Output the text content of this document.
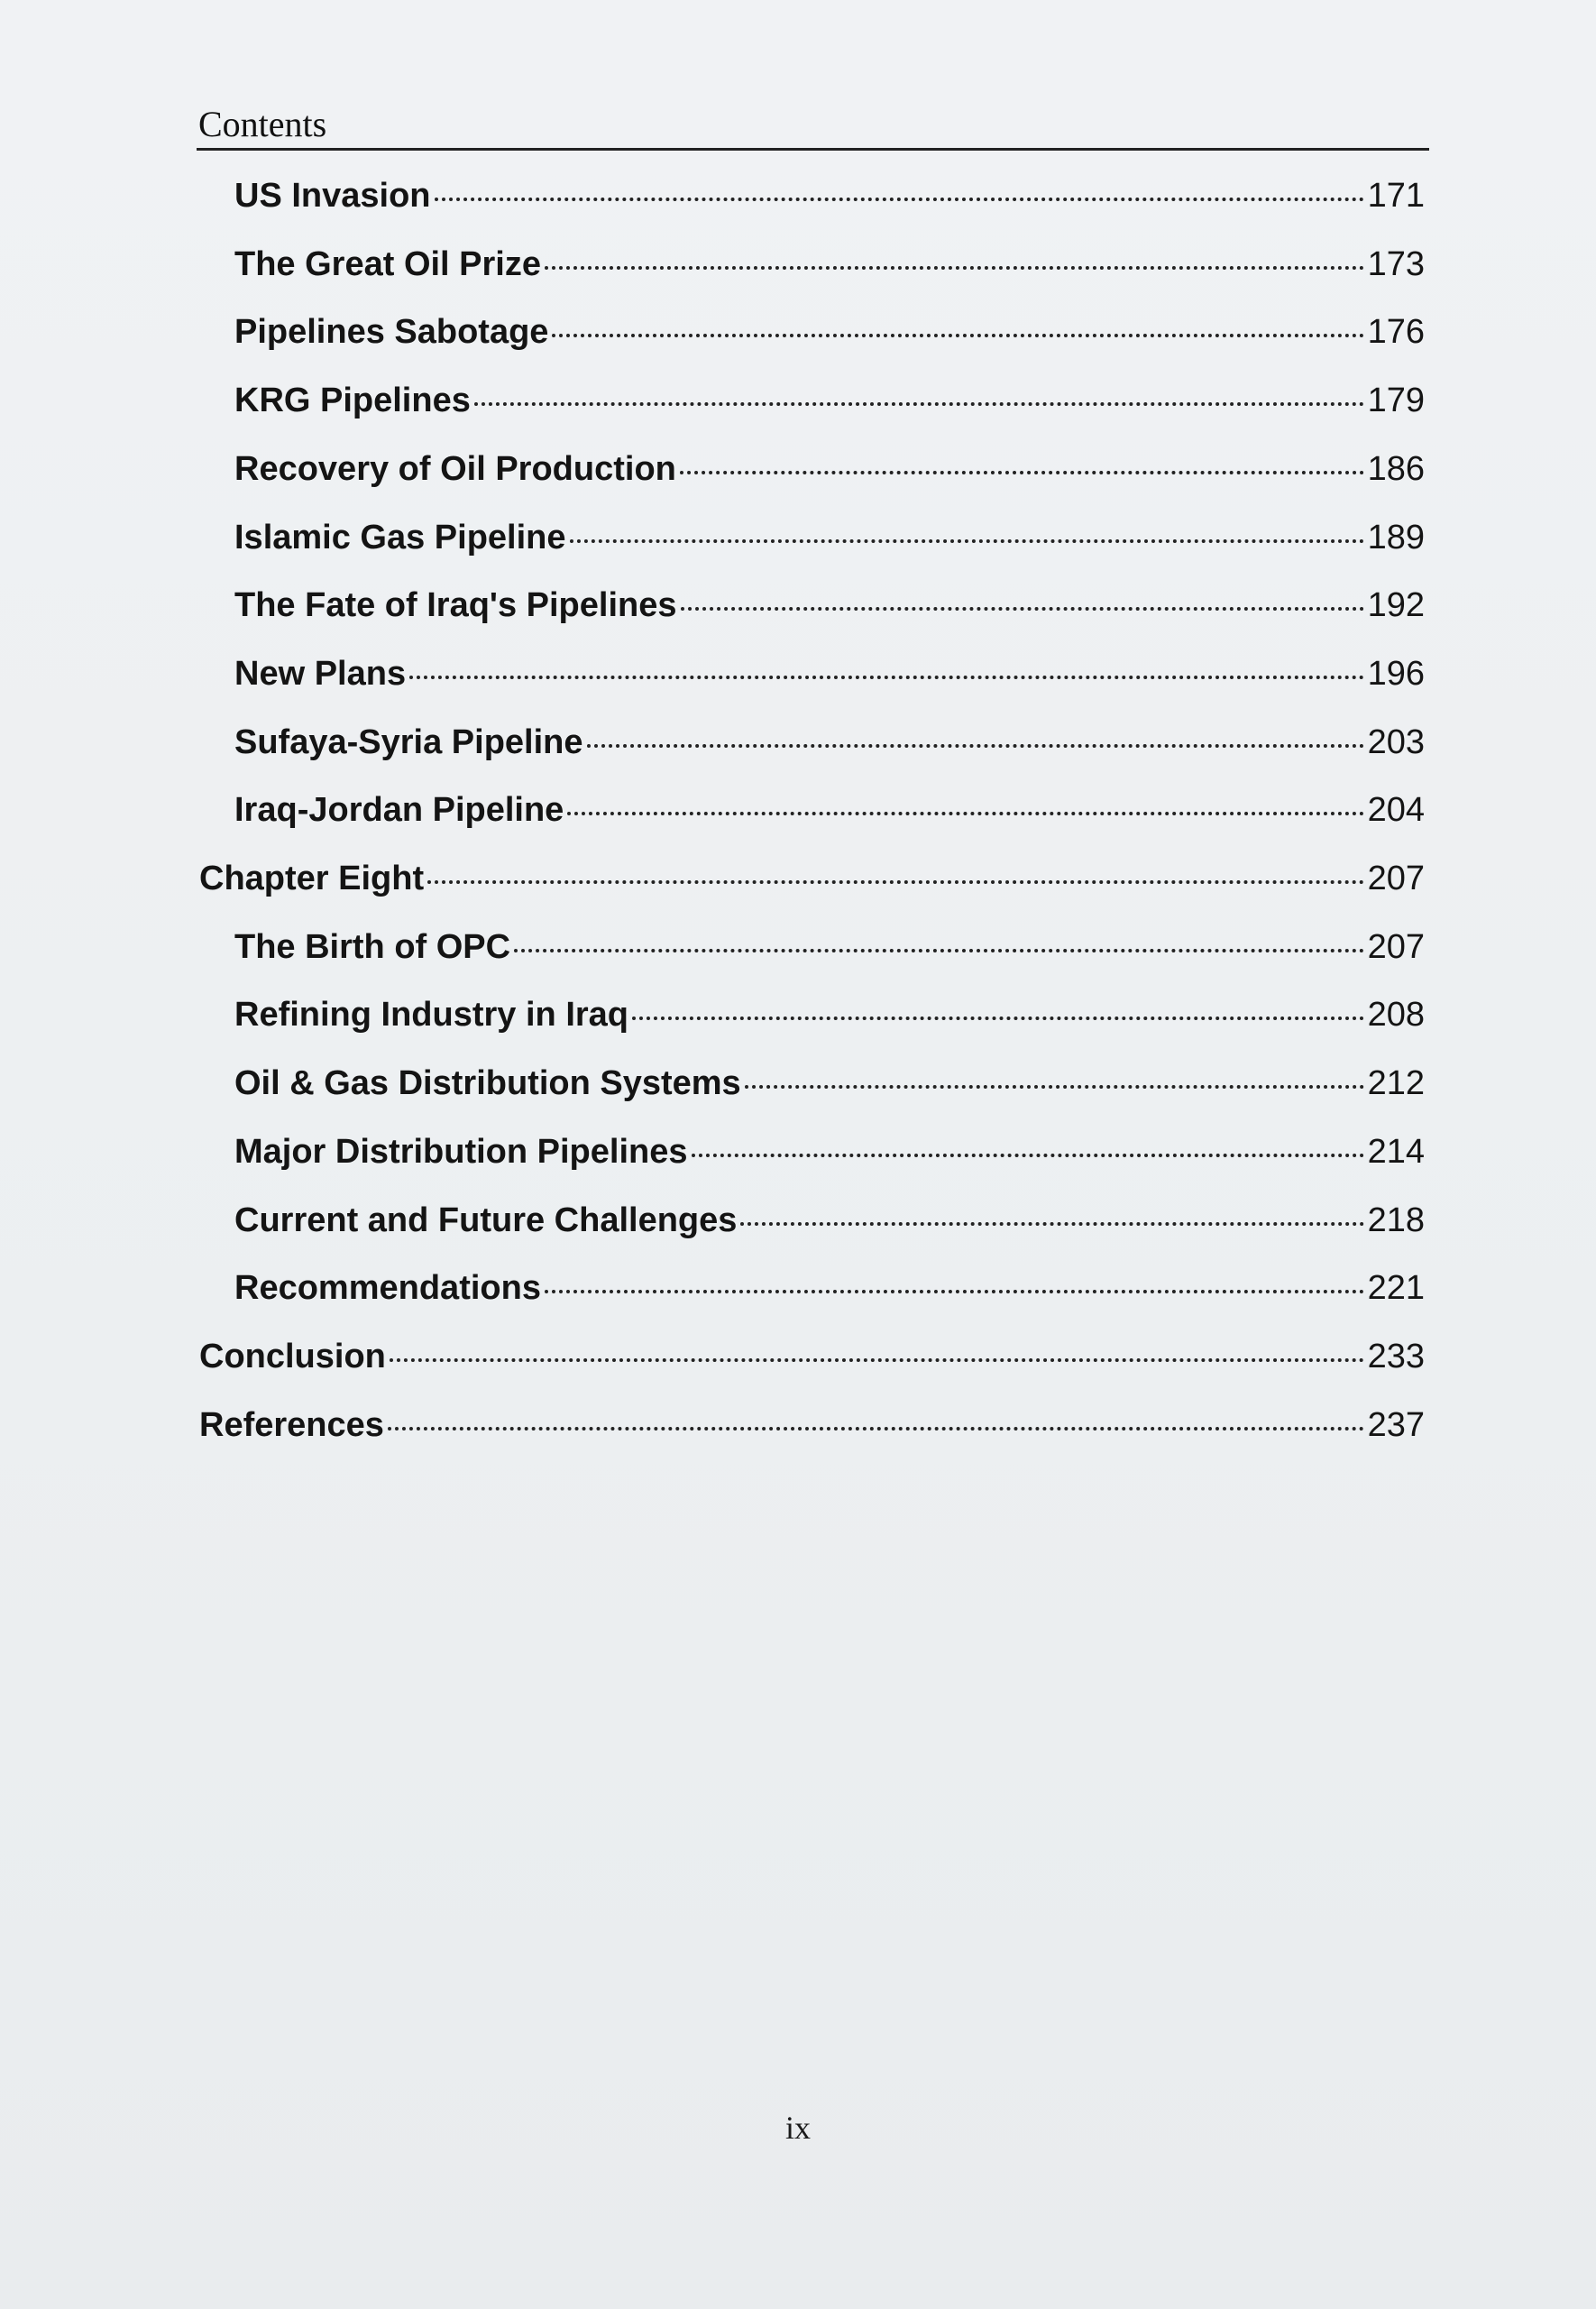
Contents
US Invasion	171
The Great Oil Prize	173
Pipelines Sabotage	176
KRG Pipelines	179
Recovery of Oil Production	186
Islamic Gas Pipeline	189
The Fate of Iraq's Pipelines	192
New Plans	196
Sufaya-Syria Pipeline	203
Iraq-Jordan Pipeline	204
Chapter Eight	207
The Birth of OPC	207
Refining Industry in Iraq	208
Oil & Gas Distribution Systems	212
Major Distribution Pipelines	214
Current and Future Challenges	218
Recommendations	221
Conclusion	233
References	237
ix
